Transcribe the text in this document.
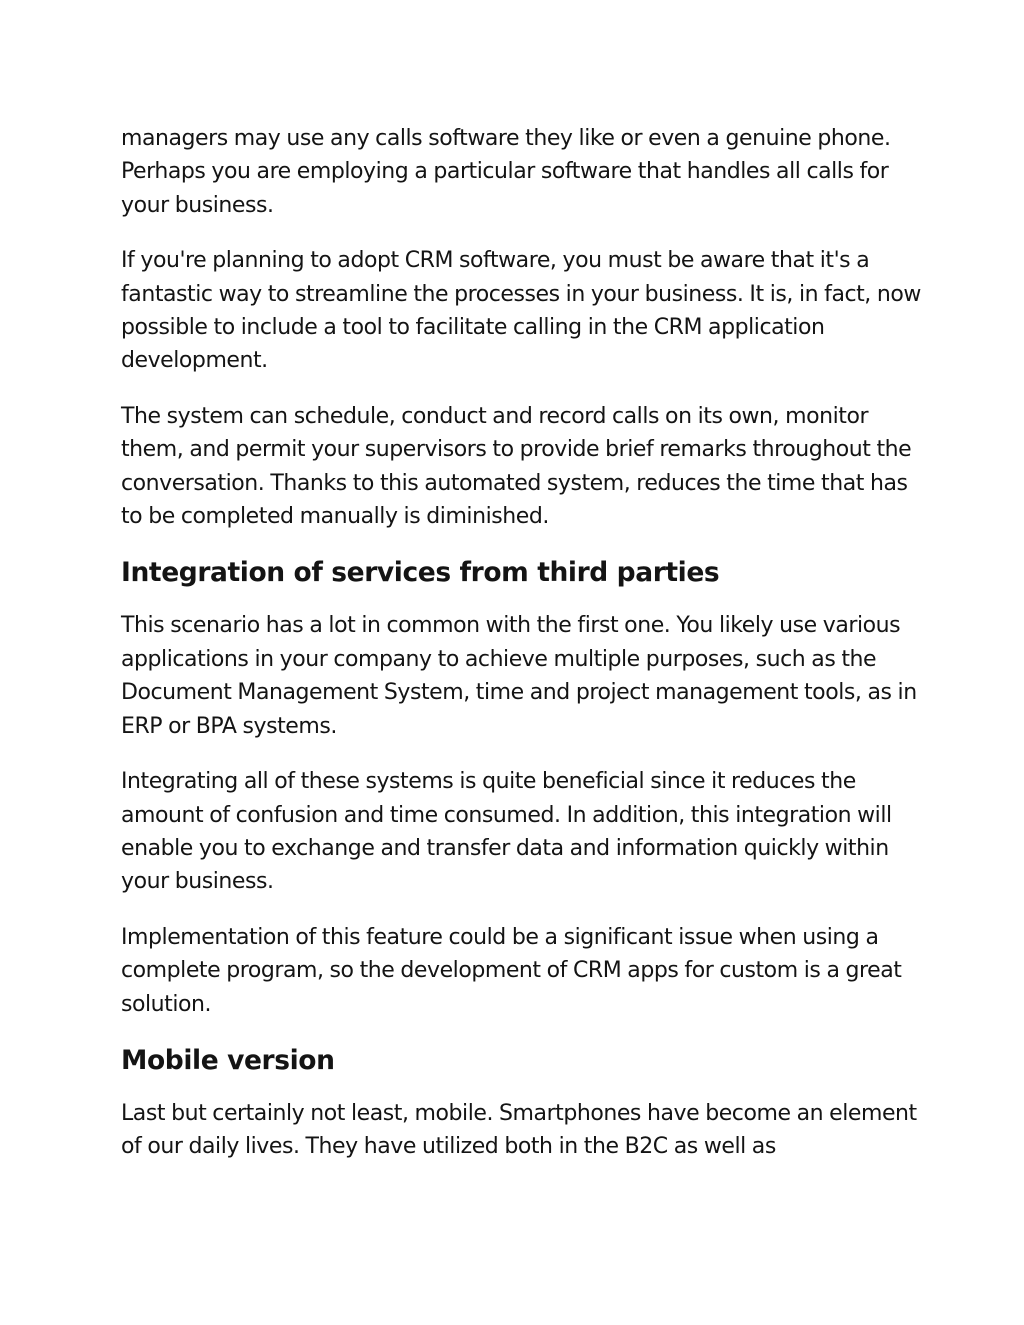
managers may use any calls software they like or even a genuine phone. Perhaps you are employing a particular software that handles all calls for your business.

If you're planning to adopt CRM software, you must be aware that it's a fantastic way to streamline the processes in your business. It is, in fact, now possible to include a tool to facilitate calling in the CRM application development.

The system can schedule, conduct and record calls on its own, monitor them, and permit your supervisors to provide brief remarks throughout the conversation. Thanks to this automated system, reduces the time that has to be completed manually is diminished.

Integration of services from third parties

This scenario has a lot in common with the first one. You likely use various applications in your company to achieve multiple purposes, such as the Document Management System, time and project management tools, as in ERP or BPA systems.

Integrating all of these systems is quite beneficial since it reduces the amount of confusion and time consumed. In addition, this integration will enable you to exchange and transfer data and information quickly within your business.

Implementation of this feature could be a significant issue when using a complete program, so the development of CRM apps for custom is a great solution.

Mobile version

Last but certainly not least, mobile. Smartphones have become an element of our daily lives. They have utilized both in the B2C as well as
